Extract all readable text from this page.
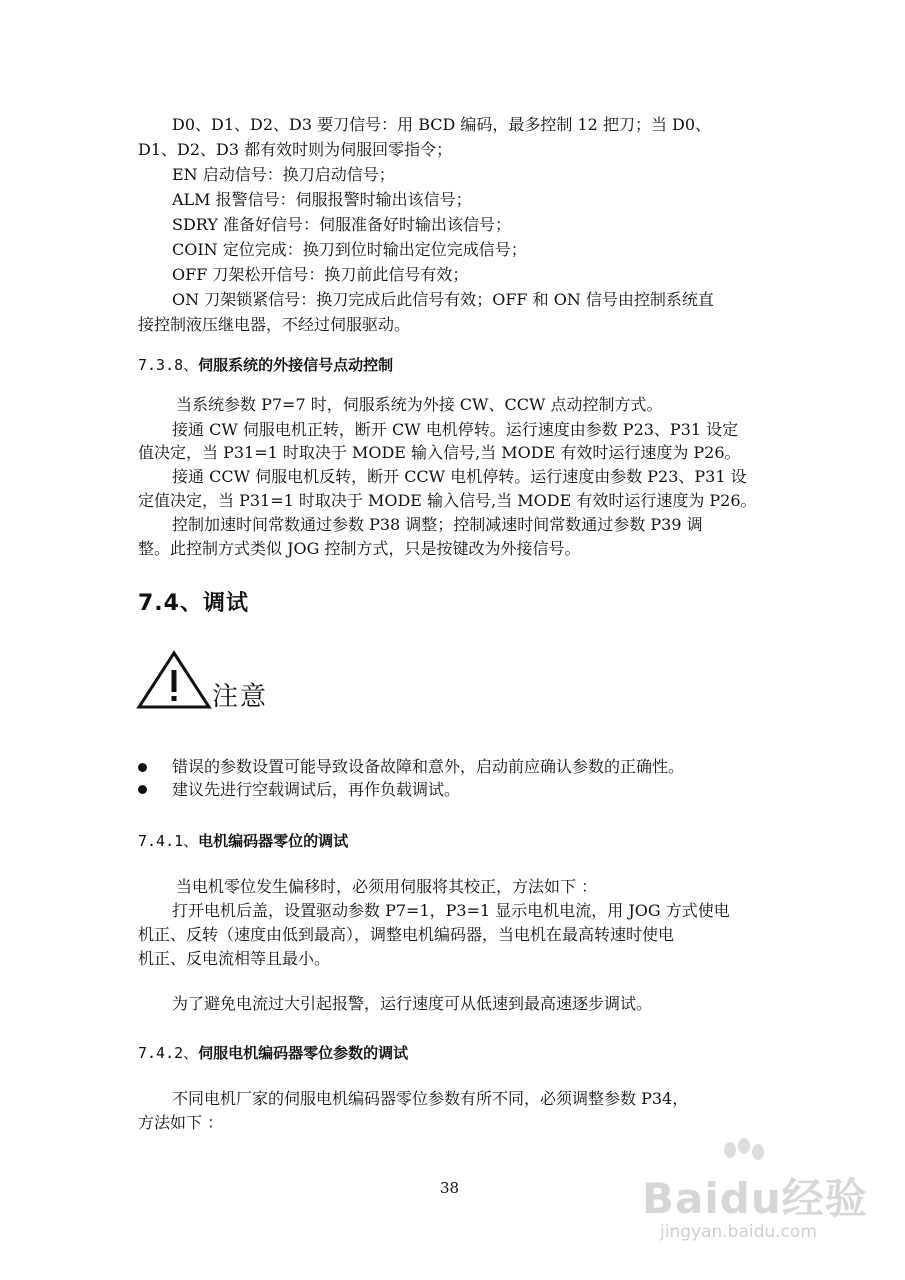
D0、D1、D2、D3 要刀信号：用 BCD 编码，最多控制 12 把刀；当 D0、
D1、D2、D3 都有效时则为伺服回零指令；
EN 启动信号：换刀启动信号；
ALM 报警信号：伺服报警时输出该信号；
SDRY 准备好信号：伺服准备好时输出该信号；
COIN 定位完成：换刀到位时输出定位完成信号；
OFF 刀架松开信号：换刀前此信号有效；
ON 刀架锁紧信号：换刀完成后此信号有效；OFF 和 ON 信号由控制系统直
接控制液压继电器，不经过伺服驱动。
7.3.8、伺服系统的外接信号点动控制
当系统参数 P7=7 时，伺服系统为外接 CW、CCW 点动控制方式。
接通 CW 伺服电机正转，断开 CW 电机停转。运行速度由参数 P23、P31 设定
值决定，当 P31=1 时取决于 MODE 输入信号,当 MODE 有效时运行速度为 P26。
接通 CCW 伺服电机反转，断开 CCW 电机停转。运行速度由参数 P23、P31 设
定值决定，当 P31=1 时取决于 MODE 输入信号,当 MODE 有效时运行速度为 P26。
控制加速时间常数通过参数 P38 调整；控制减速时间常数通过参数 P39 调
整。此控制方式类似 JOG 控制方式，只是按键改为外接信号。
7.4、调试
注意
错误的参数设置可能导致设备故障和意外，启动前应确认参数的正确性。
建议先进行空载调试后，再作负载调试。
7.4.1、电机编码器零位的调试
当电机零位发生偏移时，必须用伺服将其校正，方法如下 ：
打开电机后盖，设置驱动参数 P7=1，P3=1 显示电机电流，用 JOG 方式使电
机正、反转（速度由低到最高），调整电机编码器，当电机在最高转速时使电
机正、反电流相等且最小。
为了避免电流过大引起报警，运行速度可从低速到最高速逐步调试。
7.4.2、伺服电机编码器零位参数的调试
不同电机厂家的伺服电机编码器零位参数有所不同，必须调整参数 P34，
方法如下 ：
38	Baidu经验
jingyan.baidu.com
